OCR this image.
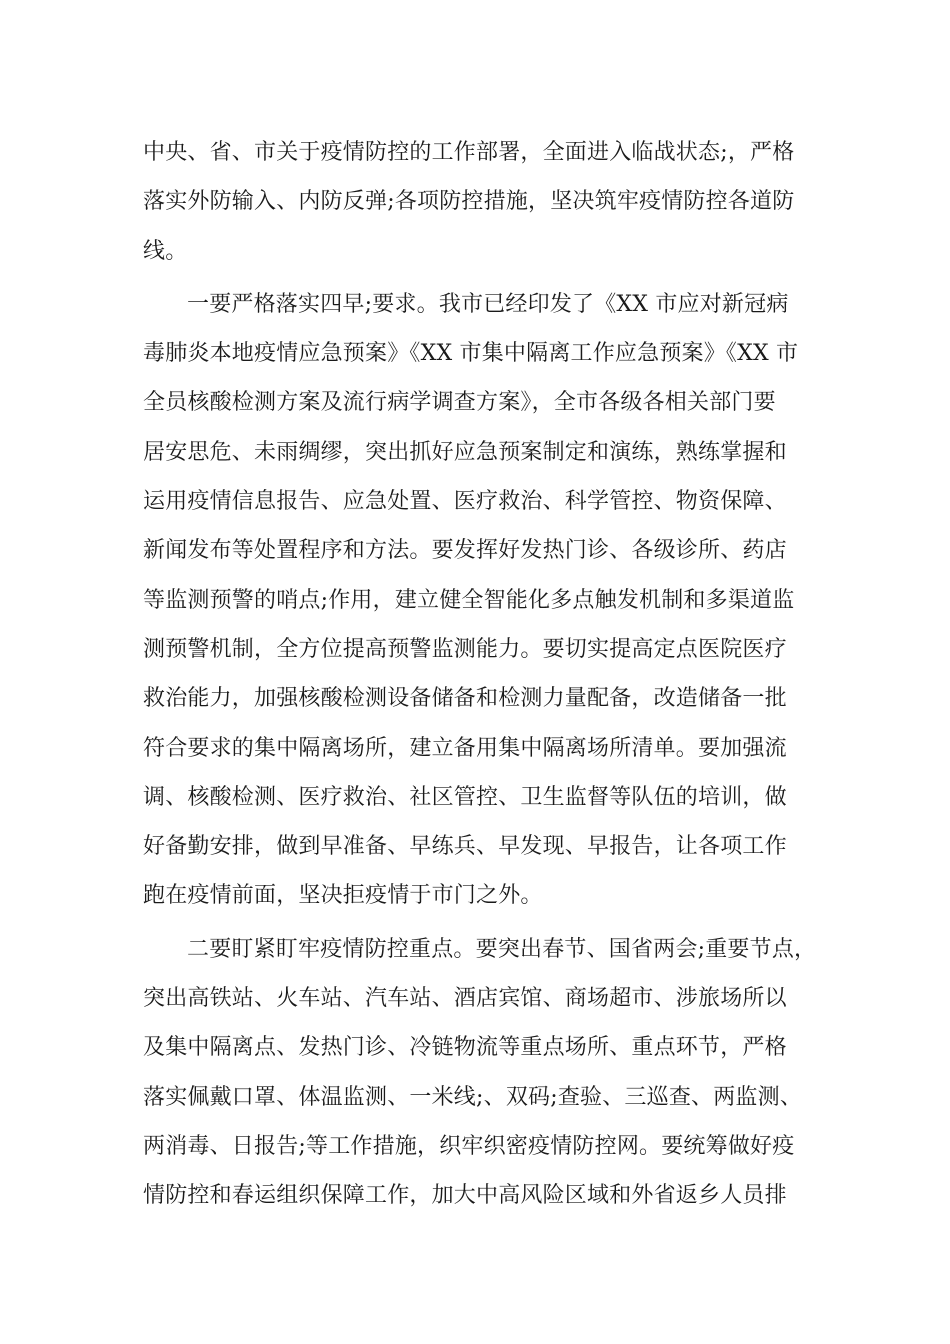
中央、省、市关于疫情防控的工作部署，全面进入临战状态;，严格
落实外防输入、内防反弹;各项防控措施，坚决筑牢疫情防控各道防
线。
一要严格落实四早;要求。我市已经印发了《XX 市应对新冠病
毒肺炎本地疫情应急预案》《XX 市集中隔离工作应急预案》《XX 市
全员核酸检测方案及流行病学调查方案》，全市各级各相关部门要
居安思危、未雨绸缪，突出抓好应急预案制定和演练，熟练掌握和
运用疫情信息报告、应急处置、医疗救治、科学管控、物资保障、
新闻发布等处置程序和方法。要发挥好发热门诊、各级诊所、药店
等监测预警的哨点;作用，建立健全智能化多点触发机制和多渠道监
测预警机制，全方位提高预警监测能力。要切实提高定点医院医疗
救治能力，加强核酸检测设备储备和检测力量配备，改造储备一批
符合要求的集中隔离场所，建立备用集中隔离场所清单。要加强流
调、核酸检测、医疗救治、社区管控、卫生监督等队伍的培训，做
好备勤安排，做到早准备、早练兵、早发现、早报告，让各项工作
跑在疫情前面，坚决拒疫情于市门之外。
二要盯紧盯牢疫情防控重点。要突出春节、国省两会;重要节点，
突出高铁站、火车站、汽车站、酒店宾馆、商场超市、涉旅场所以
及集中隔离点、发热门诊、冷链物流等重点场所、重点环节，严格
落实佩戴口罩、体温监测、一米线;、双码;查验、三巡查、两监测、
两消毒、日报告;等工作措施，织牢织密疫情防控网。要统筹做好疫
情防控和春运组织保障工作，加大中高风险区域和外省返乡人员排
